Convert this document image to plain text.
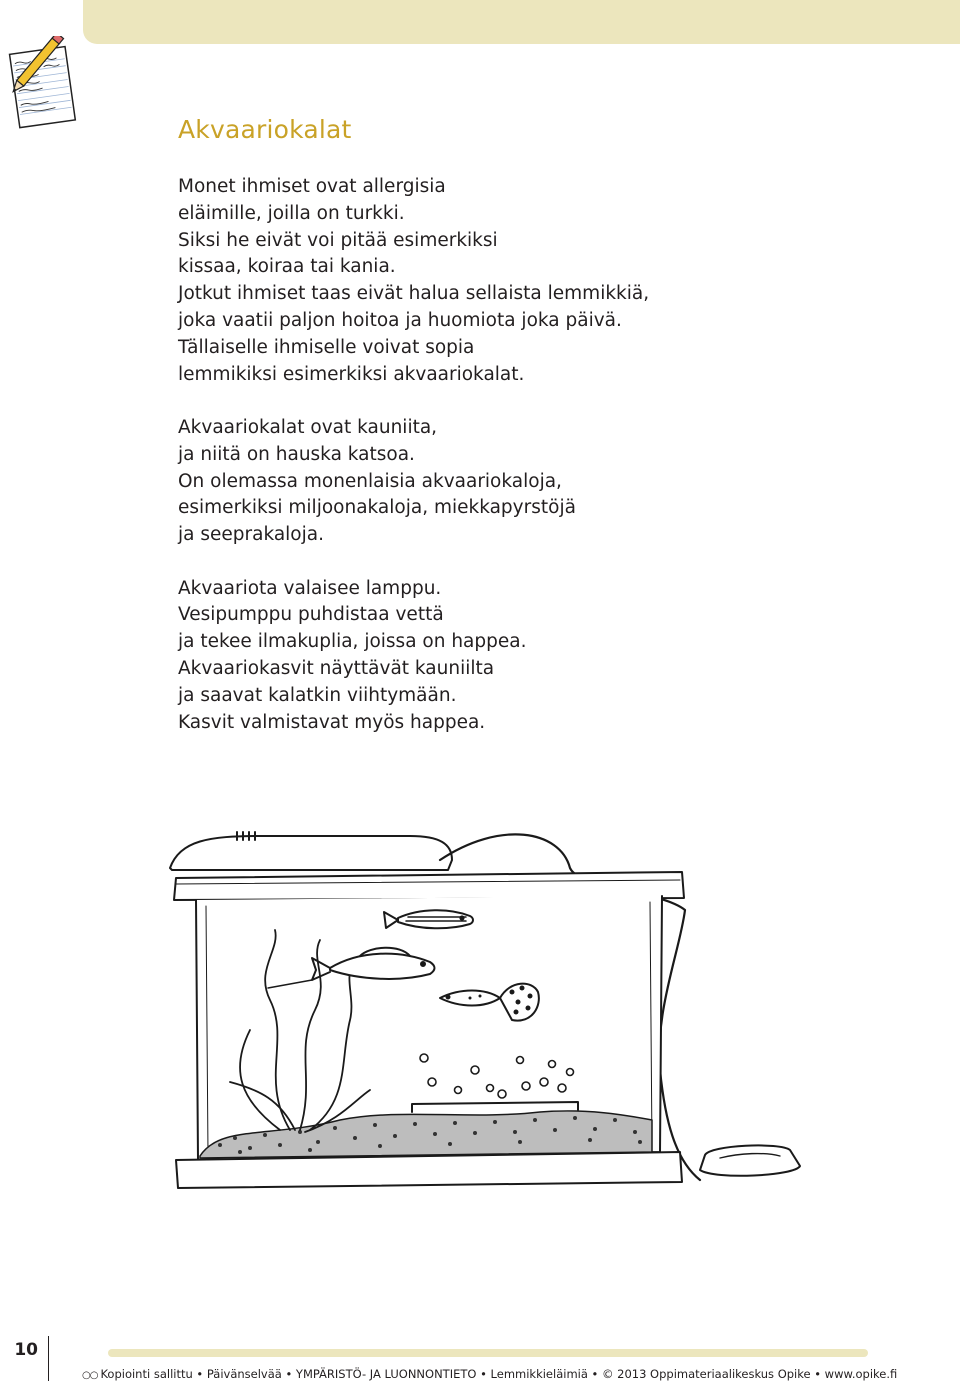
Akvaariokalat

Monet ihmiset ovat allergisia
eläimille, joilla on turkki.
Siksi he eivät voi pitää esimerkiksi
kissaa, koiraa tai kania.
Jotkut ihmiset taas eivät halua sellaista lemmikkiä,
joka vaatii paljon hoitoa ja huomiota joka päivä.
Tällaiselle ihmiselle voivat sopia
lemmikiksi esimerkiksi akvaariokalat.

Akvaariokalat ovat kauniita,
ja niitä on hauska katsoa.
On olemassa monenlaisia akvaariokaloja,
esimerkiksi miljoonakaloja, miekkapyrstöjä
ja seeprakaloja.

Akvaariota valaisee lamppu.
Vesipumppu puhdistaa vettä
ja tekee ilmakuplia, joissa on happea.
Akvaariokasvit näyttävät kauniilta
ja saavat kalatkin viihtymään.
Kasvit valmistavat myös happea.

10
○○ Kopiointi sallittu • Päivänselvää • YMPÄRISTÖ- JA LUONNONTIETO • Lemmikkieläimiä • © 2013 Oppimateriaalikeskus Opike • www.opike.fi
